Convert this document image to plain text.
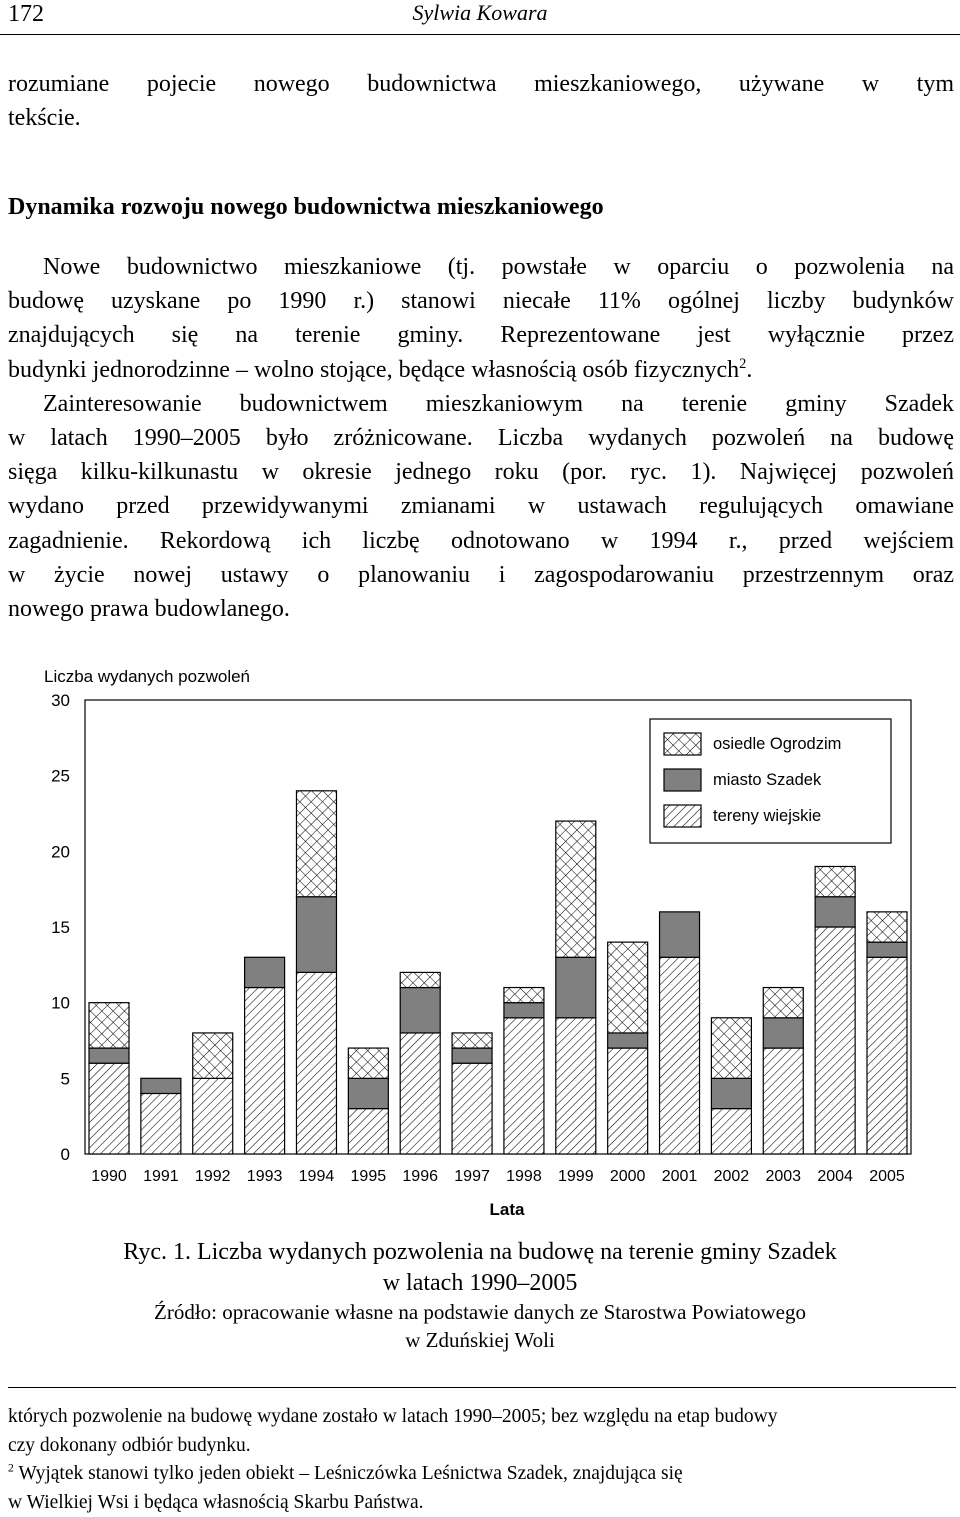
172	Sylwia Kowara
rozumiane pojecie nowego budownictwa mieszkaniowego, używane w tym
tekście.
Dynamika rozwoju nowego budownictwa mieszkaniowego
Nowe budownictwo mieszkaniowe (tj. powstałe w oparciu o pozwolenia na
budowę uzyskane po 1990 r.) stanowi niecałe 11% ogólnej liczby budynków
znajdujących się na terenie gminy. Reprezentowane jest wyłącznie przez
budynki jednorodzinne – wolno stojące, będące własnością osób fizycznych$^2$.
Zainteresowanie budownictwem mieszkaniowym na terenie gminy Szadek
w latach 1990–2005 było zróżnicowane. Liczba wydanych pozwoleń na budowę
sięga kilku-kilkunastu w okresie jednego roku (por. ryc. 1). Najwięcej pozwoleń
wydano przed przewidywanymi zmianami w ustawach regulujących omawiane
zagadnienie. Rekordową ich liczbę odnotowano w 1994 r., przed wejściem
w życie nowej ustawy o planowaniu i zagospodarowaniu przestrzennym oraz
nowego prawa budowlanego.
Liczba wydanych pozwoleń
0
5
10
15
20
25
30
1990 1991 1992 1993 1994 1995 1996 1997 1998 1999 2000 2001 2002 2003 2004 2005
Lata
osiedle Ogrodzim
miasto Szadek
tereny wiejskie
Ryc. 1. Liczba wydanych pozwolenia na budowę na terenie gminy Szadek
w latach 1990–2005
Źródło: opracowanie własne na podstawie danych ze Starostwa Powiatowego
w Zduńskiej Woli
których pozwolenie na budowę wydane zostało w latach 1990–2005; bez względu na etap budowy
czy dokonany odbiór budynku.
$^2$ Wyjątek stanowi tylko jeden obiekt – Leśniczówka Leśnictwa Szadek, znajdująca się
w Wielkiej Wsi i będąca własnością Skarbu Państwa.
